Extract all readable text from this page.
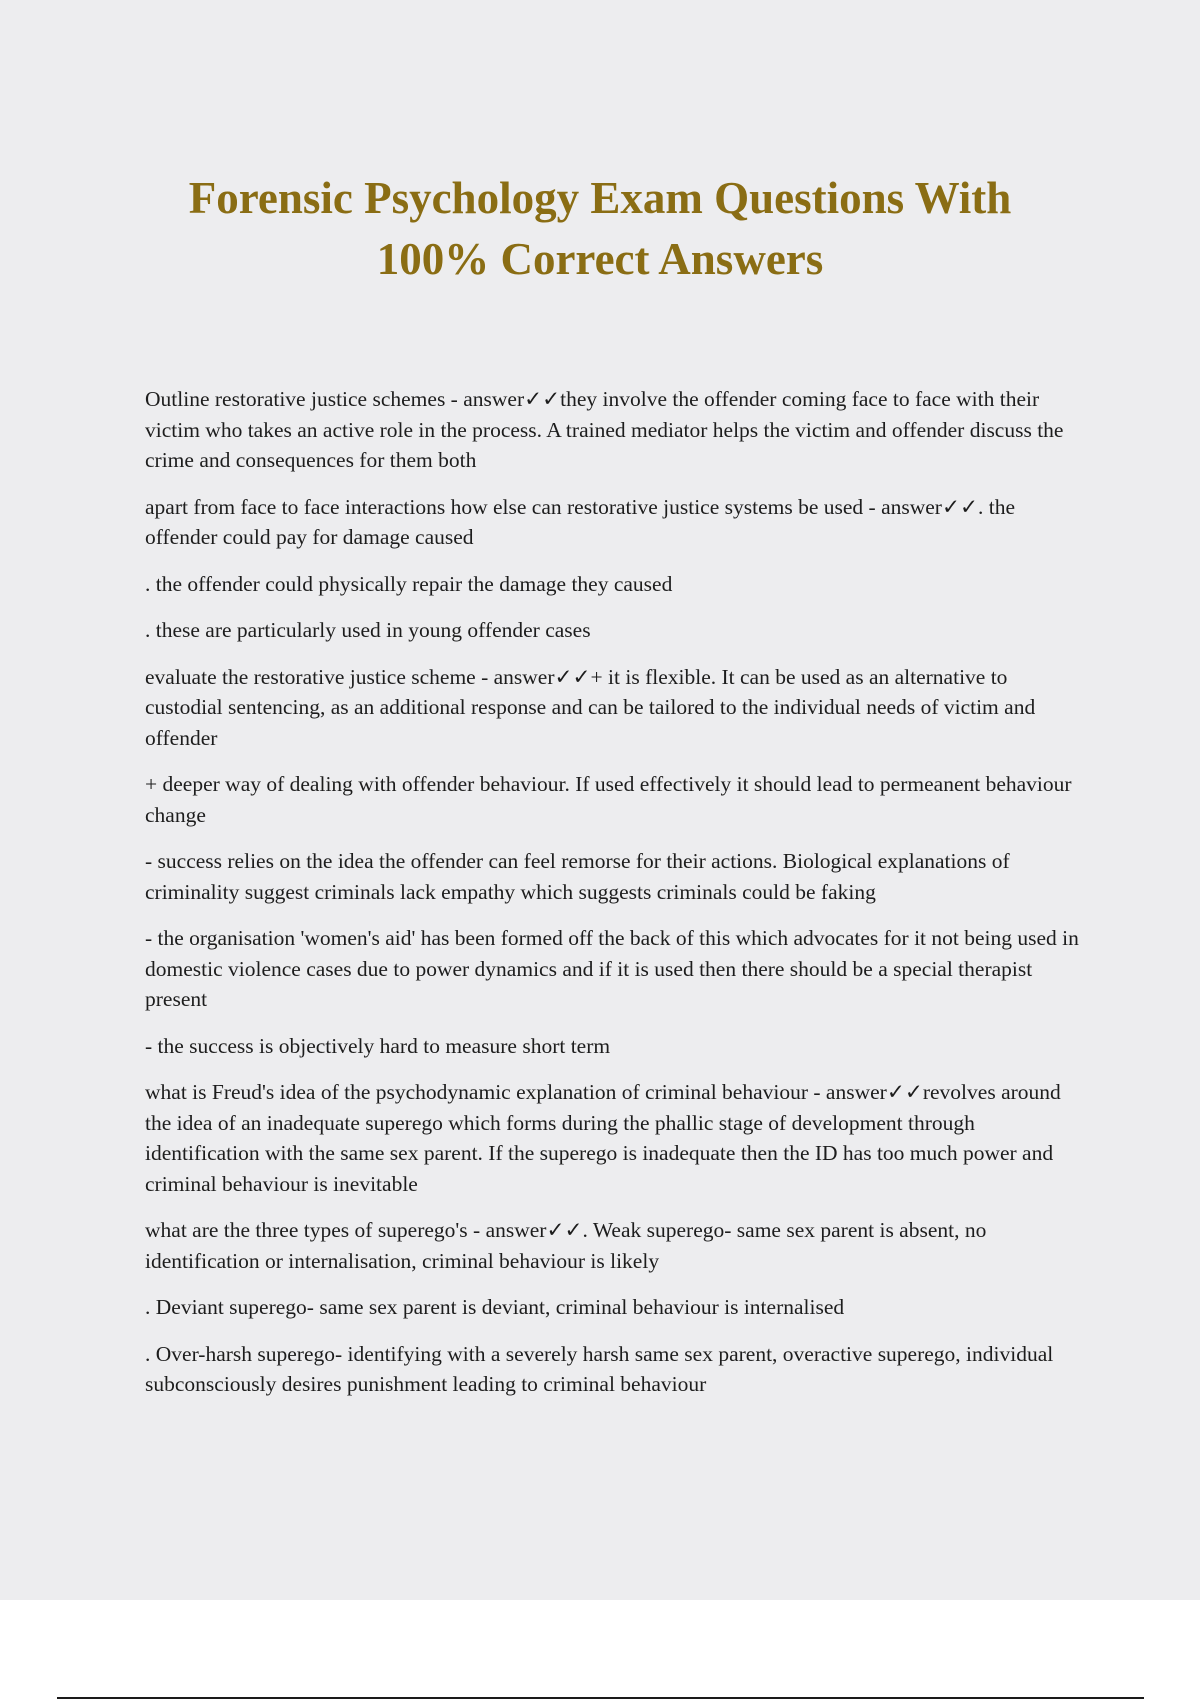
Forensic Psychology Exam Questions With
100% Correct Answers

Outline restorative justice schemes - answer✓✓they involve the offender coming face to face with their victim who takes an active role in the process. A trained mediator helps the victim and offender discuss the crime and consequences for them both

apart from face to face interactions how else can restorative justice systems be used - answer✓✓. the offender could pay for damage caused

. the offender could physically repair the damage they caused

. these are particularly used in young offender cases

evaluate the restorative justice scheme - answer✓✓+ it is flexible. It can be used as an alternative to custodial sentencing, as an additional response and can be tailored to the individual needs of victim and offender

+ deeper way of dealing with offender behaviour. If used effectively it should lead to permeanent behaviour change

- success relies on the idea the offender can feel remorse for their actions. Biological explanations of criminality suggest criminals lack empathy which suggests criminals could be faking

- the organisation 'women's aid' has been formed off the back of this which advocates for it not being used in domestic violence cases due to power dynamics and if it is used then there should be a special therapist present

- the success is objectively hard to measure short term

what is Freud's idea of the psychodynamic explanation of criminal behaviour - answer✓✓revolves around the idea of an inadequate superego which forms during the phallic stage of development through identification with the same sex parent. If the superego is inadequate then the ID has too much power and criminal behaviour is inevitable

what are the three types of superego's - answer✓✓. Weak superego- same sex parent is absent, no identification or internalisation, criminal behaviour is likely

. Deviant superego- same sex parent is deviant, criminal behaviour is internalised

. Over-harsh superego- identifying with a severely harsh same sex parent, overactive superego, individual subconsciously desires punishment leading to criminal behaviour
